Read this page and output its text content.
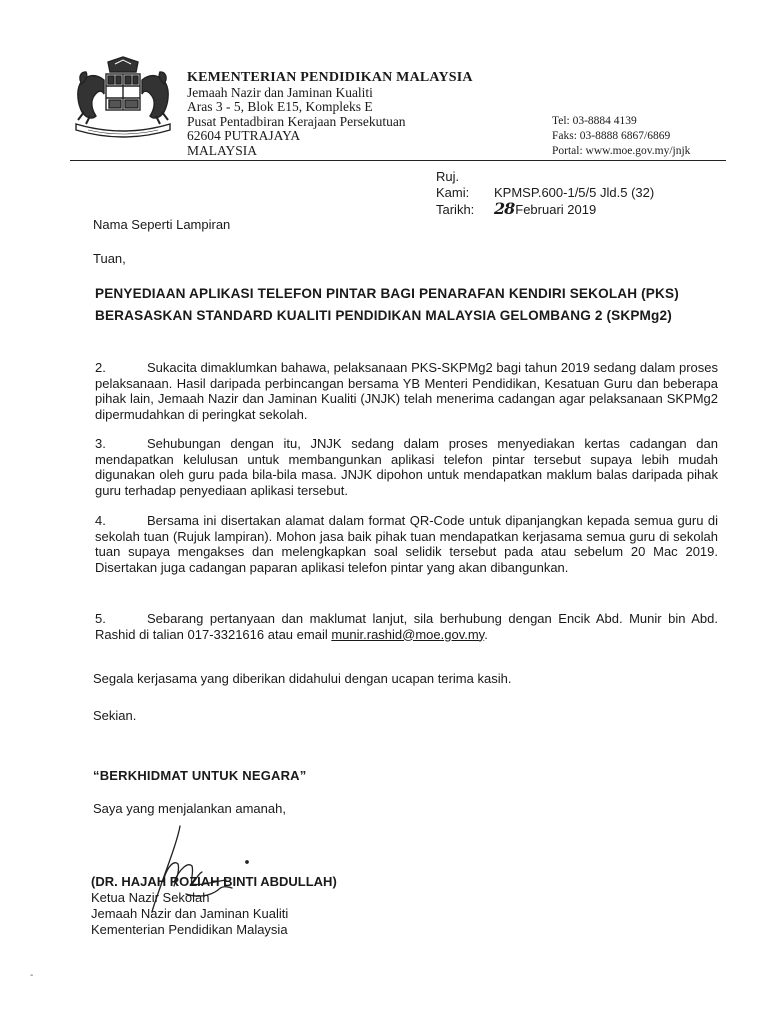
KEMENTERIAN PENDIDIKAN MALAYSIA
Jemaah Nazir dan Jaminan Kualiti
Aras 3 - 5, Blok E15, Kompleks E
Pusat Pentadbiran Kerajaan Persekutuan
62604 PUTRAJAYA
MALAYSIA
Tel: 03-8884 4139
Faks: 03-8888 6867/6869
Portal: www.moe.gov.my/jnjk
Ruj. Kami: KPMSP.600-1/5/5 Jld.5 (32)
Tarikh: 28Februari 2019
Nama Seperti Lampiran
Tuan,
PENYEDIAAN APLIKASI TELEFON PINTAR BAGI PENARAFAN KENDIRI SEKOLAH (PKS) BERASASKAN STANDARD KUALITI PENDIDIKAN MALAYSIA GELOMBANG 2 (SKPMg2)
2.	Sukacita dimaklumkan bahawa, pelaksanaan PKS-SKPMg2 bagi tahun 2019 sedang dalam proses pelaksanaan. Hasil daripada perbincangan bersama YB Menteri Pendidikan, Kesatuan Guru dan beberapa pihak lain, Jemaah Nazir dan Jaminan Kualiti (JNJK) telah menerima cadangan agar pelaksanaan SKPMg2 dipermudahkan di peringkat sekolah.
3.	Sehubungan dengan itu, JNJK sedang dalam proses menyediakan kertas cadangan dan mendapatkan kelulusan untuk membangunkan aplikasi telefon pintar tersebut supaya lebih mudah digunakan oleh guru pada bila-bila masa. JNJK dipohon untuk mendapatkan maklum balas daripada pihak guru terhadap penyediaan aplikasi tersebut.
4.	Bersama ini disertakan alamat dalam format QR-Code untuk dipanjangkan kepada semua guru di sekolah tuan (Rujuk lampiran). Mohon jasa baik pihak tuan mendapatkan kerjasama semua guru di sekolah tuan supaya mengakses dan melengkapkan soal selidik tersebut pada atau sebelum 20 Mac 2019. Disertakan juga cadangan paparan aplikasi telefon pintar yang akan dibangunkan.
5.	Sebarang pertanyaan dan maklumat lanjut, sila berhubung dengan Encik Abd. Munir bin Abd. Rashid di talian 017-3321616 atau email munir.rashid@moe.gov.my.
Segala kerjasama yang diberikan didahului dengan ucapan terima kasih.
Sekian.
“BERKHIDMAT UNTUK NEGARA”
Saya yang menjalankan amanah,
(DR. HAJAH ROZIAH BINTI ABDULLAH)
Ketua Nazir Sekolah
Jemaah Nazir dan Jaminan Kualiti
Kementerian Pendidikan Malaysia
-
